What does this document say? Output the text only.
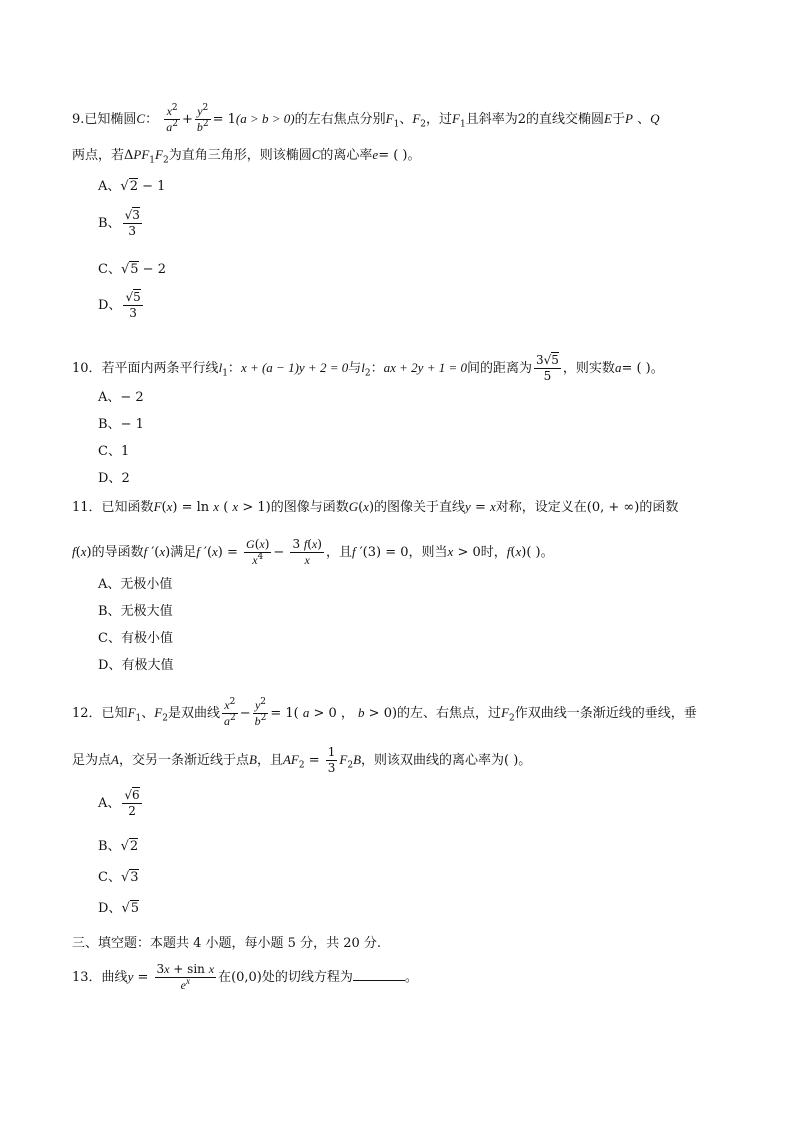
9.已知椭圆C： $\frac{x^2}{a^2} + \frac{y^2}{b^2} = 1(a > b > 0)$的左右焦点分别$F_1$、$F_2$，过$F_1$且斜率为2的直线交椭圆E于P 、Q
两点，若$\Delta PF_1F_2$为直角三角形，则该椭圆C的离心率e= ( )。
A、√2 − 1
B、 $\frac{√3}{3}$
C、√5 − 2
D、 $\frac{√5}{3}$
10．若平面内两条平行线$l_1$：x + (a − 1)y + 2 = 0与$l_2$：ax + 2y + 1 = 0间的距离为 $\frac{3√5}{5}$ ，则实数a= ( )。
A、− 2
B、− 1
C、1
D、2
11．已知函数F(x) = ln x ( x > 1)的图像与函数G(x)的图像关于直线y = x对称，设定义在(0, + ∞)的函数
f(x)的导函数f ′(x)满足f $'(x) = \frac{G(x)}{x^4} - \frac{3 f(x)}{x}$ ，且f ′(3) = 0，则当x > 0时，f(x)( )。
A、无极小值
B、无极大值
C、有极小值
D、有极大值
12．已知$F_1$、$F_2$是双曲线 $\frac{x^2}{a^2} - \frac{y^2}{b^2} = 1$( a > 0 ， b > 0)的左、右焦点，过$F_2$作双曲线一条渐近线的垂线，垂
足为点A，交另一条渐近线于点B，且$AF_2 = \frac{1}{3} F_2B$，则该双曲线的离心率为( )。
A、 $\frac{√6}{2}$
B、√2
C、√3
D、√5
三、填空题：本题共 4 小题，每小题 5 分，共 20 分.
13．曲线$y = \frac{\text{3x + sin x}}{e^x}$ 在(0,0)处的切线方程为	。
